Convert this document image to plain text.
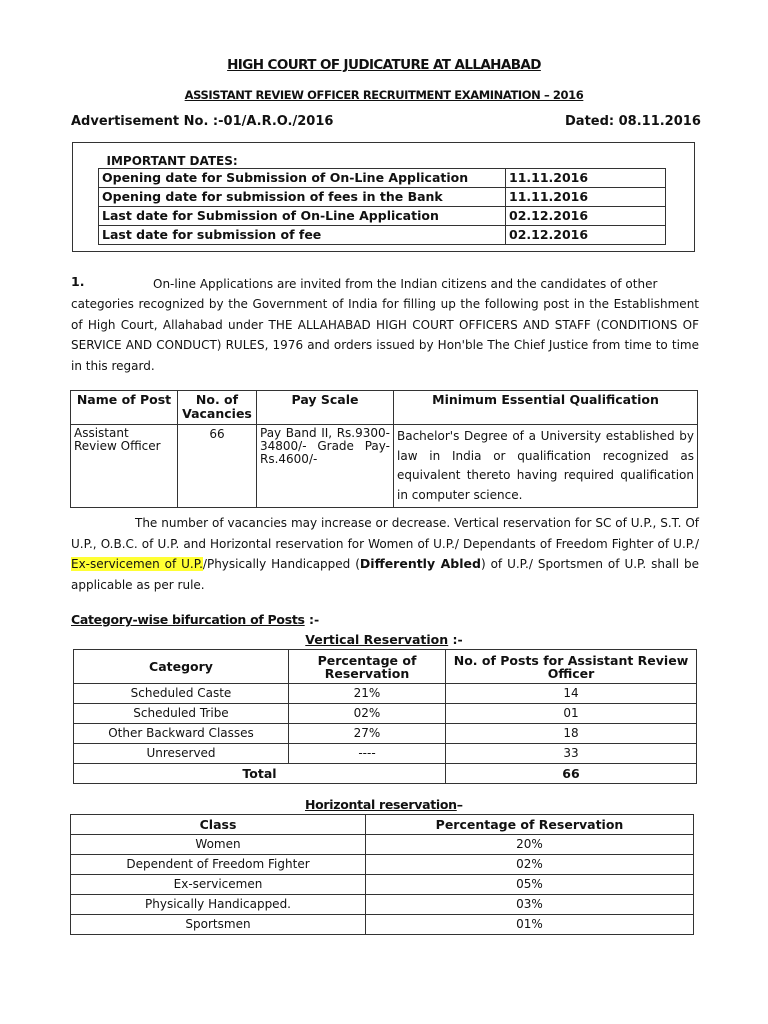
HIGH COURT OF JUDICATURE AT ALLAHABAD
ASSISTANT REVIEW OFFICER RECRUITMENT EXAMINATION – 2016
Advertisement No. :-01/A.R.O./2016	Dated: 08.11.2016
IMPORTANT DATES:	
Opening date for Submission of On-Line Application	11.11.2016
Opening date for submission of fees in the Bank	11.11.2016
Last date for Submission of On-Line Application	02.12.2016
Last date for submission of fee	02.12.2016
1.	On-line Applications are invited from the Indian citizens and the candidates of other
categories recognized by the Government of India for filling up the following post in the Establishment of High Court, Allahabad under THE ALLAHABAD HIGH COURT OFFICERS AND STAFF (CONDITIONS OF SERVICE AND CONDUCT) RULES, 1976 and orders issued by Hon'ble The Chief Justice from time to time in this regard.
Name of Post	No. of Vacancies	Pay Scale	Minimum Essential Qualification
Assistant Review Officer	66	Pay Band II, Rs.9300-34800/- Grade Pay- Rs.4600/-	Bachelor's Degree of a University established by law in India or qualification recognized as equivalent thereto having required qualification in computer science.
The number of vacancies may increase or decrease. Vertical reservation for SC of U.P., S.T. Of U.P., O.B.C. of U.P. and Horizontal reservation for Women of U.P./ Dependants of Freedom Fighter of U.P./ Ex-servicemen of U.P./Physically Handicapped (Differently Abled) of U.P./ Sportsmen of U.P. shall be applicable as per rule.
Category-wise bifurcation of Posts :-
Vertical Reservation :-
Category	Percentage of Reservation	No. of Posts for Assistant Review Officer
Scheduled Caste	21%	14
Scheduled Tribe	02%	01
Other Backward Classes	27%	18
Unreserved	----	33
Total		66
Horizontal reservation–
Class	Percentage of Reservation
Women	20%
Dependent of Freedom Fighter	02%
Ex-servicemen	05%
Physically Handicapped.	03%
Sportsmen	01%
